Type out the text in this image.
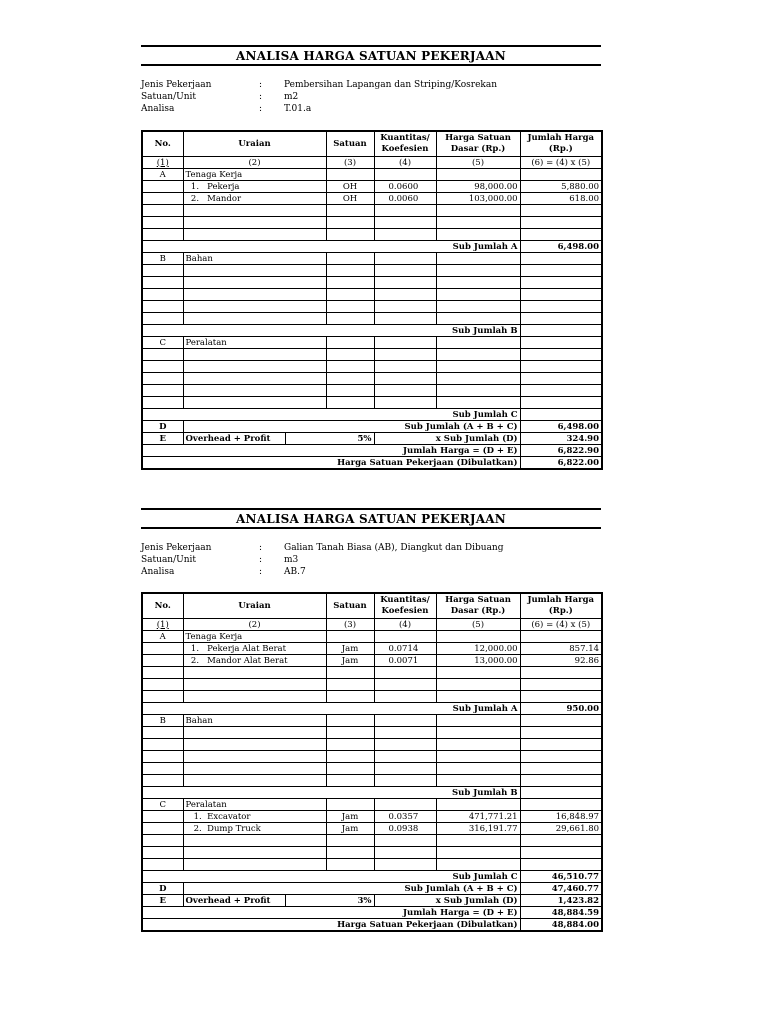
ANALISA HARGA SATUAN PEKERJAAN
Jenis Pekerjaan	:	Pembersihan Lapangan dan Striping/Kosrekan
Satuan/Unit	:	m2
Analisa	:	T.01.a
No.	Uraian		Satuan	Kuantitas/ Koefesien	Harga Satuan Dasar (Rp.)	Jumlah Harga (Rp.)
(1)	(2)		(3)	(4)	(5)	(6) = (4) x (5)
A	Tenaga Kerja					
	1. Pekerja		OH	0.0600	98,000.00	5,880.00
	2. Mandor		OH	0.0060	103,000.00	618.00

Sub Jumlah A						6,498.00
B	Bahan					

Sub Jumlah B						
C	Peralatan					

Sub Jumlah C						
D	Sub Jumlah (A + B + C)					6,498.00
E	Overhead + Profit	5%		x Sub Jumlah (D)		324.90
Jumlah Harga = (D + E)						6,822.90
Harga Satuan Pekerjaan (Dibulatkan)						6,822.00
ANALISA HARGA SATUAN PEKERJAAN
Jenis Pekerjaan	:	Galian Tanah Biasa (AB), Diangkut dan Dibuang
Satuan/Unit	:	m3
Analisa	:	AB.7
No.	Uraian		Satuan	Kuantitas/ Koefesien	Harga Satuan Dasar (Rp.)	Jumlah Harga (Rp.)
(1)	(2)		(3)	(4)	(5)	(6) = (4) x (5)
A	Tenaga Kerja					
	1. Pekerja Alat Berat		Jam	0.0714	12,000.00	857.14
	2. Mandor Alat Berat		Jam	0.0071	13,000.00	92.86

Sub Jumlah A						950.00
B	Bahan					

Sub Jumlah B						
C	Peralatan					
	1. Excavator		Jam	0.0357	471,771.21	16,848.97
	2. Dump Truck		Jam	0.0938	316,191.77	29,661.80

Sub Jumlah C						46,510.77
D	Sub Jumlah (A + B + C)					47,460.77
E	Overhead + Profit	3%		x Sub Jumlah (D)		1,423.82
Jumlah Harga = (D + E)						48,884.59
Harga Satuan Pekerjaan (Dibulatkan)						48,884.00
